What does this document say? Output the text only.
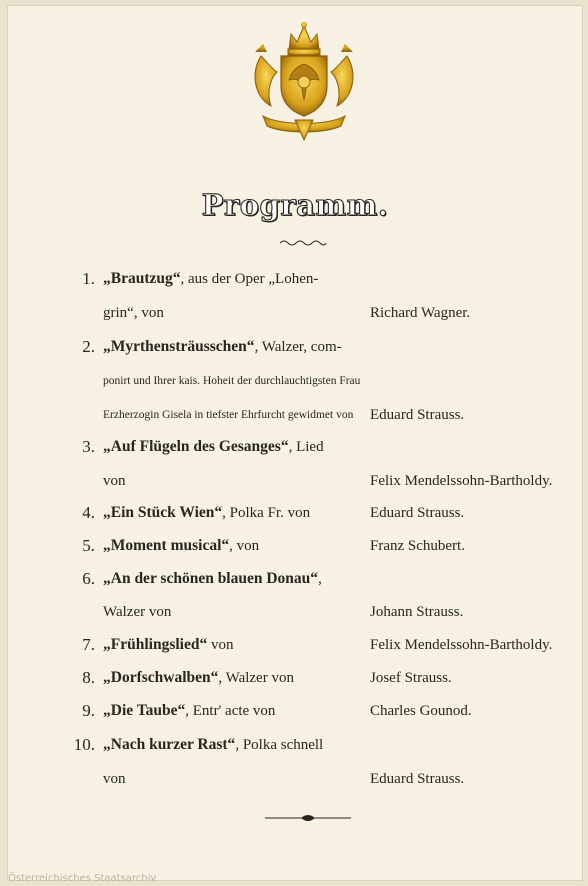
Programm.
1. „Brautzug“, aus der Oper „Lohen-
grin“, von	Richard Wagner.
2. „Myrthensträusschen“, Walzer, com-
ponirt und Ihrer kais. Hoheit der durchlauchtigsten Frau
Erzherzogin Gisela in tiefster Ehrfurcht gewidmet von Eduard Strauss.
3. „Auf Flügeln des Gesanges“, Lied
von	Felix Mendelssohn-Bartholdy.
4. „Ein Stück Wien“, Polka Fr. von	Eduard Strauss.
5. „Moment musical“, von	Franz Schubert.
6. „An der schönen blauen Donau“,
Walzer von	Johann Strauss.
7. „Frühlingslied“ von	Felix Mendelssohn-Bartholdy.
8. „Dorfschwalben“, Walzer von	Josef Strauss.
9. „Die Taube“, Entr' acte von	Charles Gounod.
10. „Nach kurzer Rast“, Polka schnell
von	Eduard Strauss.
Österreichisches Staatsarchiv
